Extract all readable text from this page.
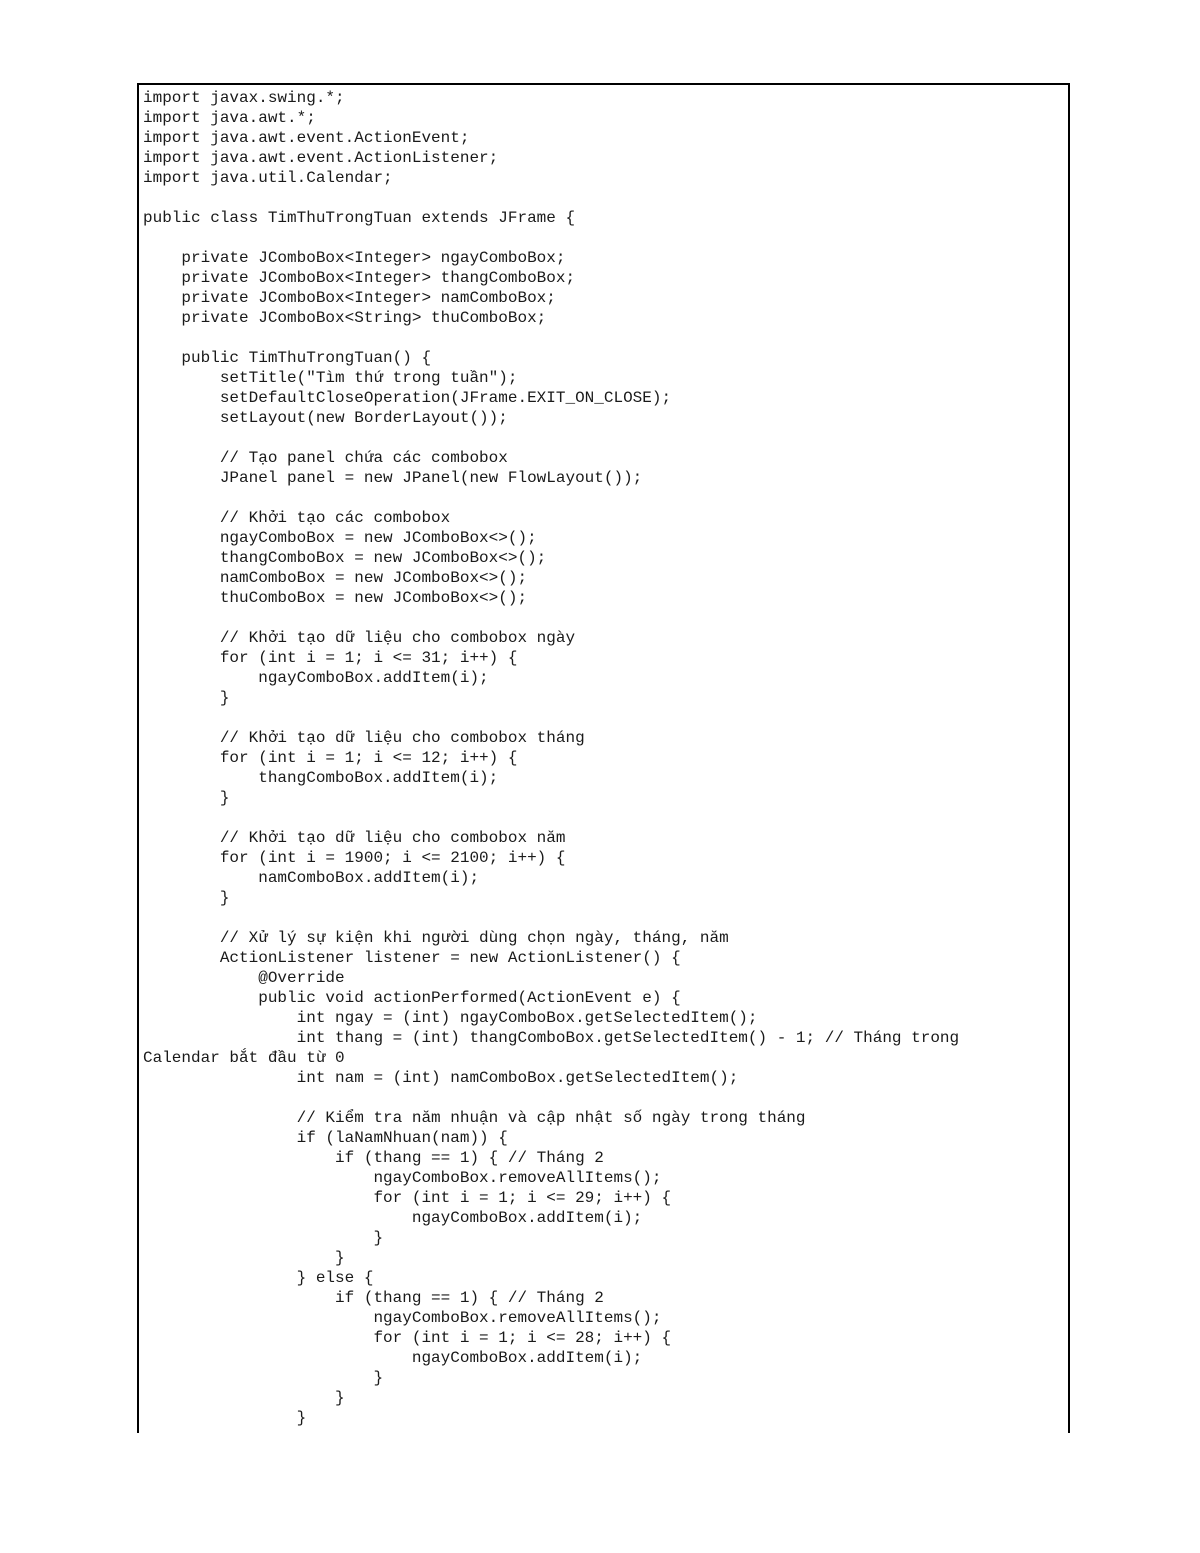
import javax.swing.*;
import java.awt.*;
import java.awt.event.ActionEvent;
import java.awt.event.ActionListener;
import java.util.Calendar;
public class TimThuTrongTuan extends JFrame {
private JComboBox<Integer> ngayComboBox;
private JComboBox<Integer> thangComboBox;
private JComboBox<Integer> namComboBox;
private JComboBox<String> thuComboBox;
public TimThuTrongTuan() {
setTitle("Tìm thứ trong tuần");
setDefaultCloseOperation(JFrame.EXIT_ON_CLOSE);
setLayout(new BorderLayout());
// Tạo panel chứa các combobox
JPanel panel = new JPanel(new FlowLayout());
// Khởi tạo các combobox
ngayComboBox = new JComboBox<>();
thangComboBox = new JComboBox<>();
namComboBox = new JComboBox<>();
thuComboBox = new JComboBox<>();
// Khởi tạo dữ liệu cho combobox ngày
for (int i = 1; i <= 31; i++) {
ngayComboBox.addItem(i);
}
// Khởi tạo dữ liệu cho combobox tháng
for (int i = 1; i <= 12; i++) {
thangComboBox.addItem(i);
}
// Khởi tạo dữ liệu cho combobox năm
for (int i = 1900; i <= 2100; i++) {
namComboBox.addItem(i);
}
// Xử lý sự kiện khi người dùng chọn ngày, tháng, năm
ActionListener listener = new ActionListener() {
@Override
public void actionPerformed(ActionEvent e) {
int ngay = (int) ngayComboBox.getSelectedItem();
int thang = (int) thangComboBox.getSelectedItem() - 1; // Tháng trong
Calendar bắt đầu từ 0
int nam = (int) namComboBox.getSelectedItem();
// Kiểm tra năm nhuận và cập nhật số ngày trong tháng
if (laNamNhuan(nam)) {
if (thang == 1) { // Tháng 2
ngayComboBox.removeAllItems();
for (int i = 1; i <= 29; i++) {
ngayComboBox.addItem(i);
}
}
} else {
if (thang == 1) { // Tháng 2
ngayComboBox.removeAllItems();
for (int i = 1; i <= 28; i++) {
ngayComboBox.addItem(i);
}
}
}
